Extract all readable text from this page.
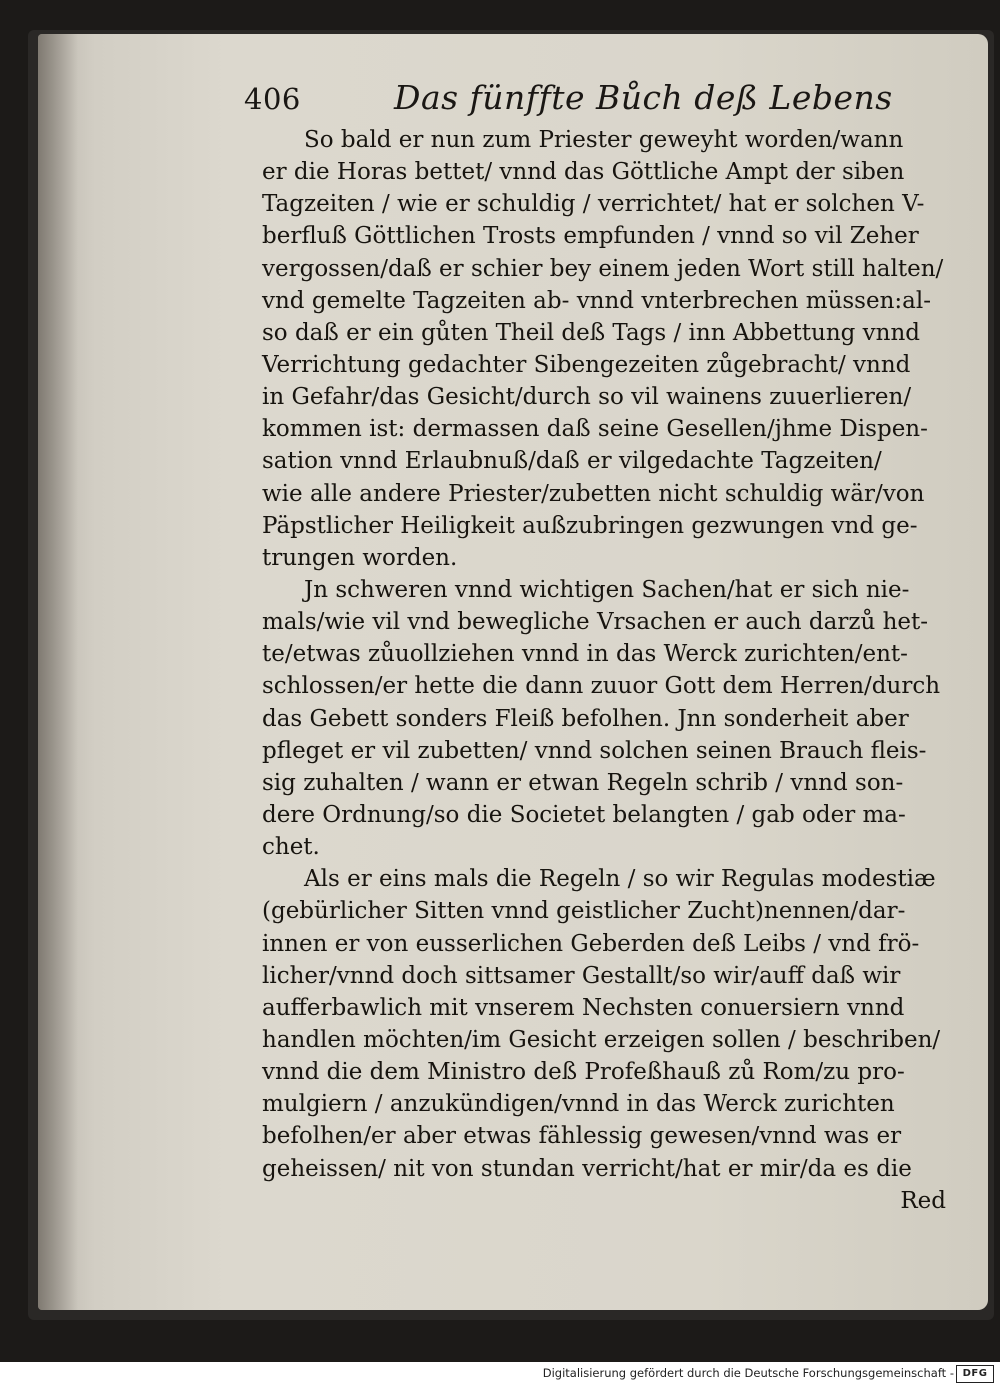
406	Das fünffte Bůch deß Lebens
So bald er nun zum Priester geweyht worden/wann
er die Horas bettet/ vnnd das Göttliche Ampt der siben
Tagzeiten / wie er schuldig / verrichtet/ hat er solchen V-
berfluß Göttlichen Trosts empfunden / vnnd so vil Zeher
vergossen/daß er schier bey einem jeden Wort still halten/
vnd gemelte Tagzeiten ab- vnnd vnterbrechen müssen:al-
so daß er ein gůten Theil deß Tags / inn Abbettung vnnd
Verrichtung gedachter Sibengezeiten zůgebracht/ vnnd
in Gefahr/das Gesicht/durch so vil wainens zuuerlieren/
kommen ist: dermassen daß seine Gesellen/jhme Dispen-
sation vnnd Erlaubnuß/daß er vilgedachte Tagzeiten/
wie alle andere Priester/zubetten nicht schuldig wär/von
Päpstlicher Heiligkeit außzubringen gezwungen vnd ge-
trungen worden.
Jn schweren vnnd wichtigen Sachen/hat er sich nie-
mals/wie vil vnd bewegliche Vrsachen er auch darzů het-
te/etwas zůuollziehen vnnd in das Werck zurichten/ent-
schlossen/er hette die dann zuuor Gott dem Herren/durch
das Gebett sonders Fleiß befolhen. Jnn sonderheit aber
pfleget er vil zubetten/ vnnd solchen seinen Brauch fleis-
sig zuhalten / wann er etwan Regeln schrib / vnnd son-
dere Ordnung/so die Societet belangten / gab oder ma-
chet.
Als er eins mals die Regeln / so wir Regulas modestiæ
(gebürlicher Sitten vnnd geistlicher Zucht)nennen/dar-
innen er von eusserlichen Geberden deß Leibs / vnd frö-
licher/vnnd doch sittsamer Gestallt/so wir/auff daß wir
aufferbawlich mit vnserem Nechsten conuersiern vnnd
handlen möchten/im Gesicht erzeigen sollen / beschriben/
vnnd die dem Ministro deß Profeßhauß zů Rom/zu pro-
mulgiern / anzukündigen/vnnd in das Werck zurichten
befolhen/er aber etwas fählessig gewesen/vnnd was er
geheissen/ nit von stundan verricht/hat er mir/da es die
Red
Digitalisierung gefördert durch die Deutsche Forschungsgemeinschaft - DFG
